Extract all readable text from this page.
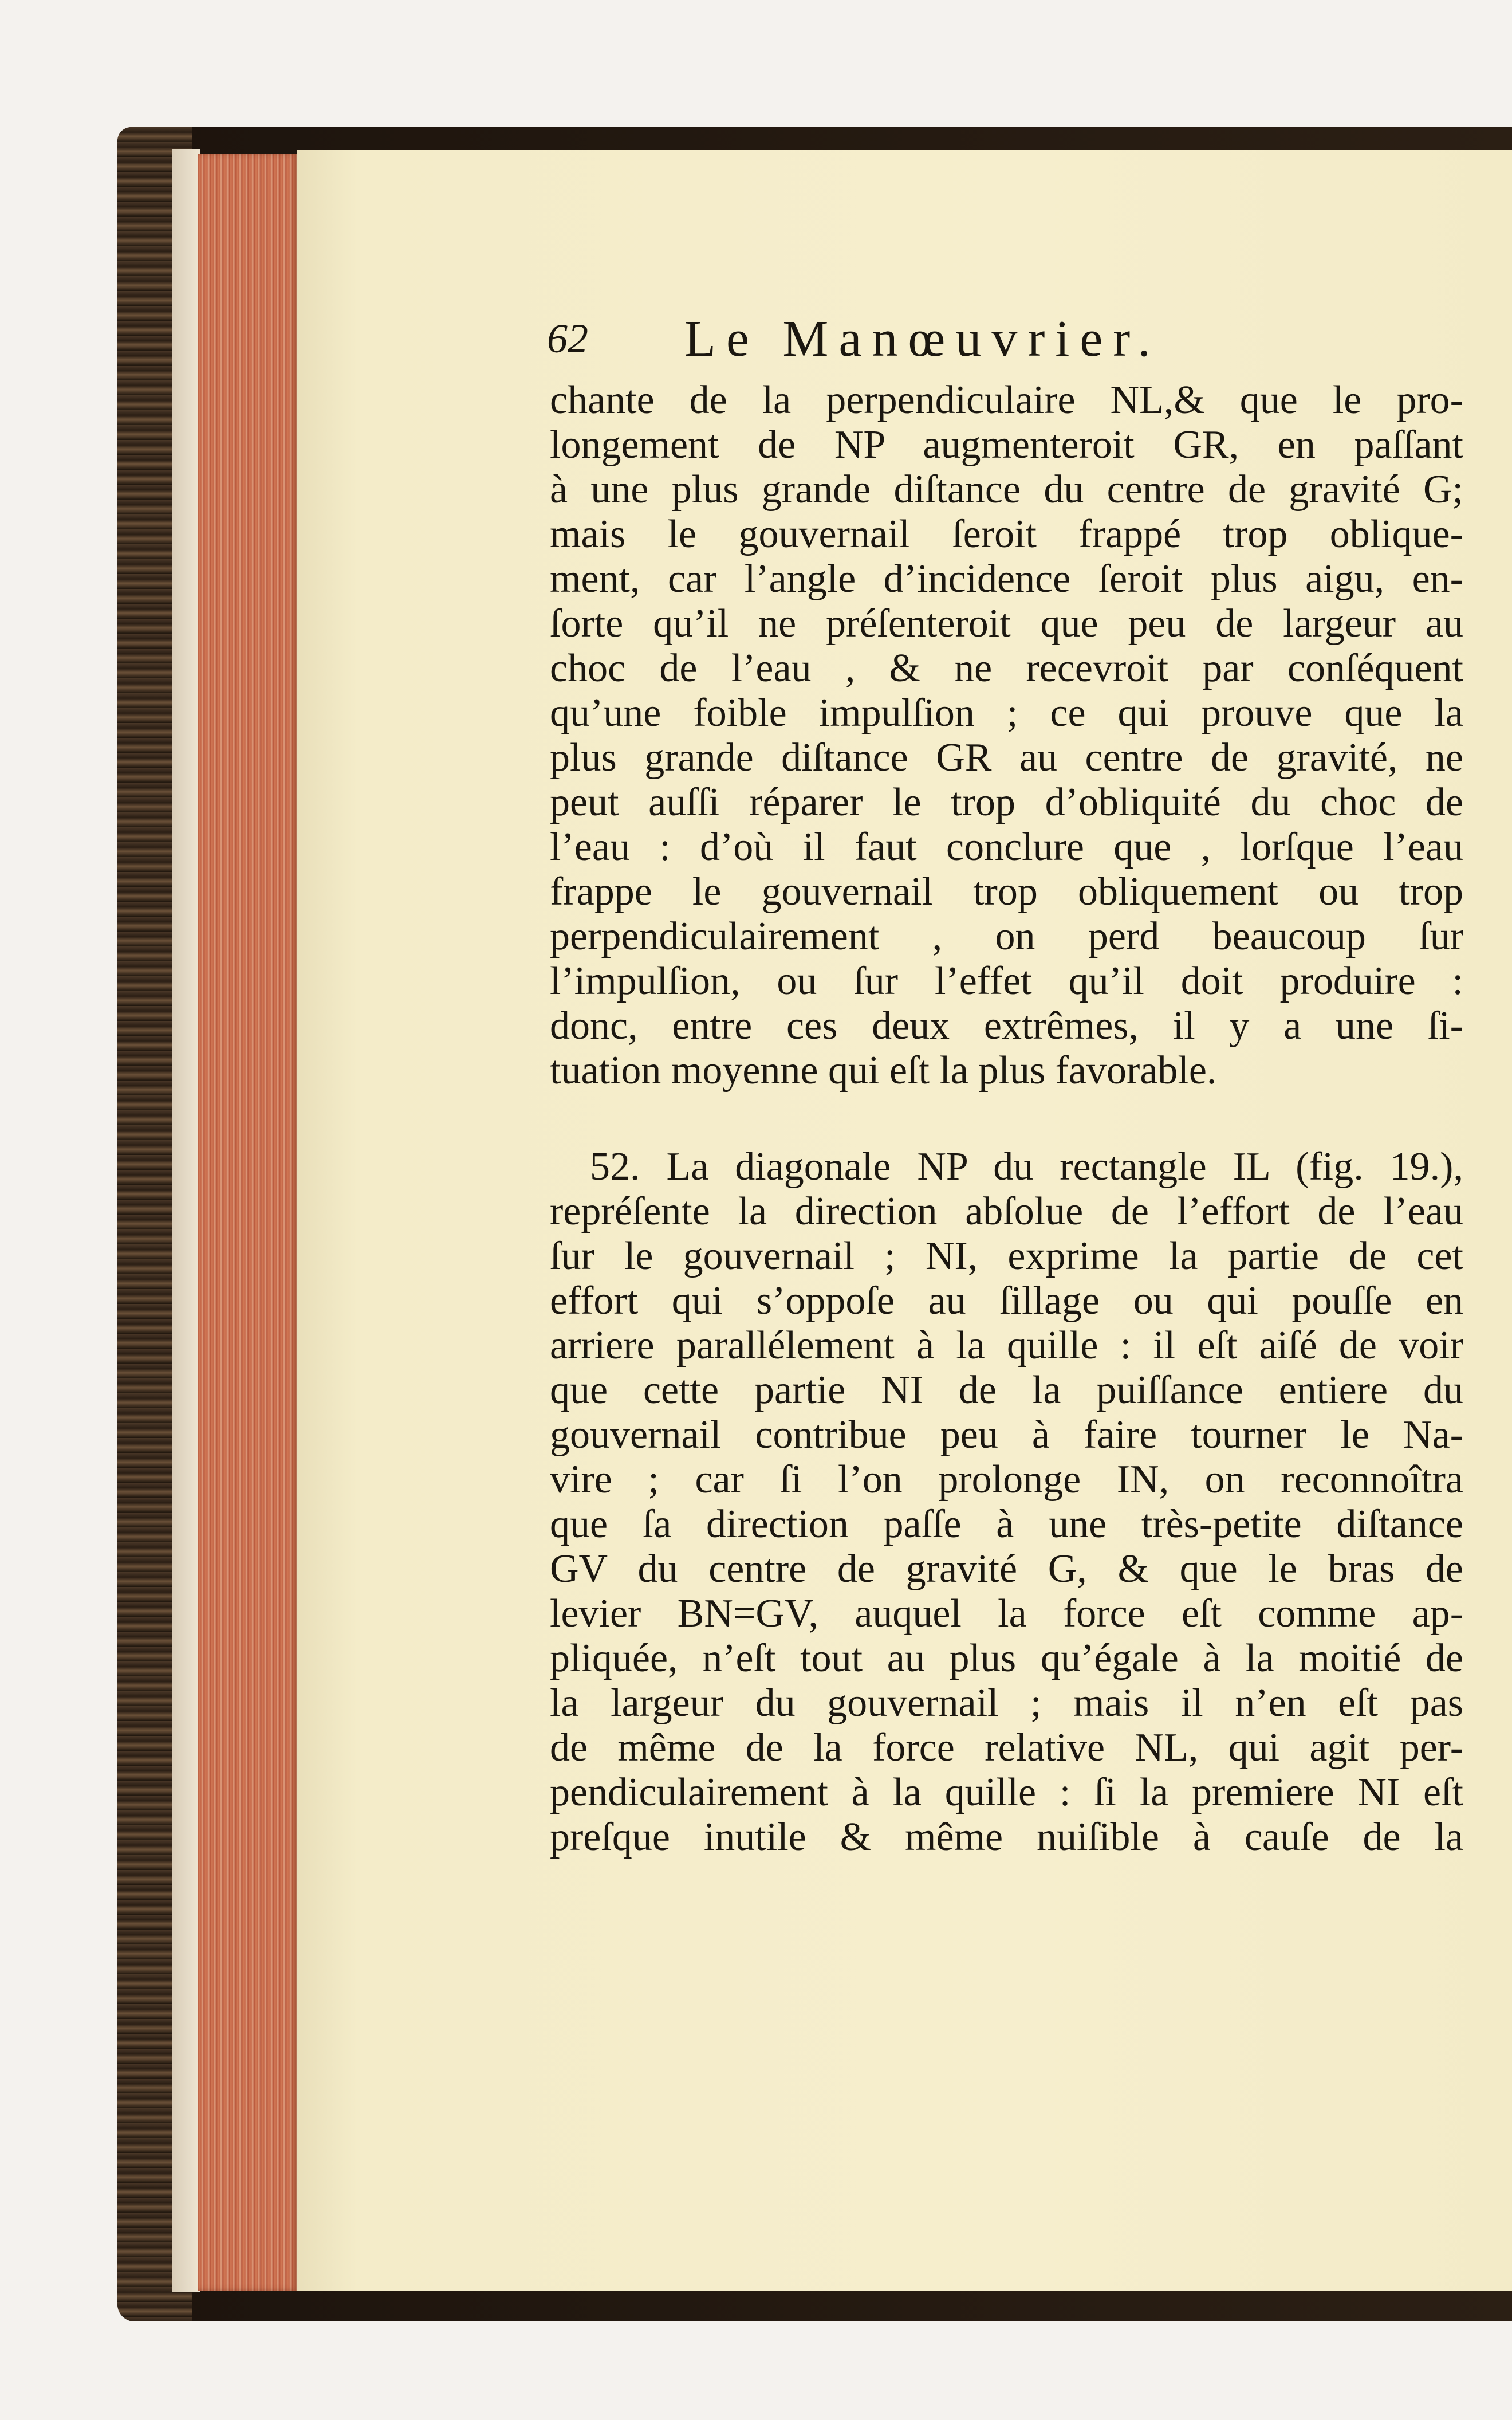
62 Le Manœuvrier.
chante de la perpendiculaire NL,& que le pro-
longement de NP augmenteroit GR, en paſſant
à une plus grande diſtance du centre de gravité G;
mais le gouvernail ſeroit frappé trop oblique-
ment, car l’angle d’incidence ſeroit plus aigu, en-
ſorte qu’il ne préſenteroit que peu de largeur au
choc de l’eau , & ne recevroit par conſéquent
qu’une foible impulſion ; ce qui prouve que la
plus grande diſtance GR au centre de gravité, ne
peut auſſi réparer le trop d’obliquité du choc de
l’eau : d’où il faut conclure que , lorſque l’eau
frappe le gouvernail trop obliquement ou trop
perpendiculairement , on perd beaucoup ſur
l’impulſion, ou ſur l’effet qu’il doit produire :
donc, entre ces deux extrêmes, il y a une ſi-
tuation moyenne qui eſt la plus favorable.
52. La diagonale NP du rectangle IL (fig. 19.),
repréſente la direction abſolue de l’effort de l’eau
ſur le gouvernail ; NI, exprime la partie de cet
effort qui s’oppoſe au ſillage ou qui pouſſe en
arriere parallélement à la quille : il eſt aiſé de voir
que cette partie NI de la puiſſance entiere du
gouvernail contribue peu à faire tourner le Na-
vire ; car ſi l’on prolonge IN, on reconnoîtra
que ſa direction paſſe à une très-petite diſtance
GV du centre de gravité G, & que le bras de
levier BN=GV, auquel la force eſt comme ap-
pliquée, n’eſt tout au plus qu’égale à la moitié de
la largeur du gouvernail ; mais il n’en eſt pas
de même de la force relative NL, qui agit per-
pendiculairement à la quille : ſi la premiere NI eſt
preſque inutile & même nuiſible à cauſe de la
